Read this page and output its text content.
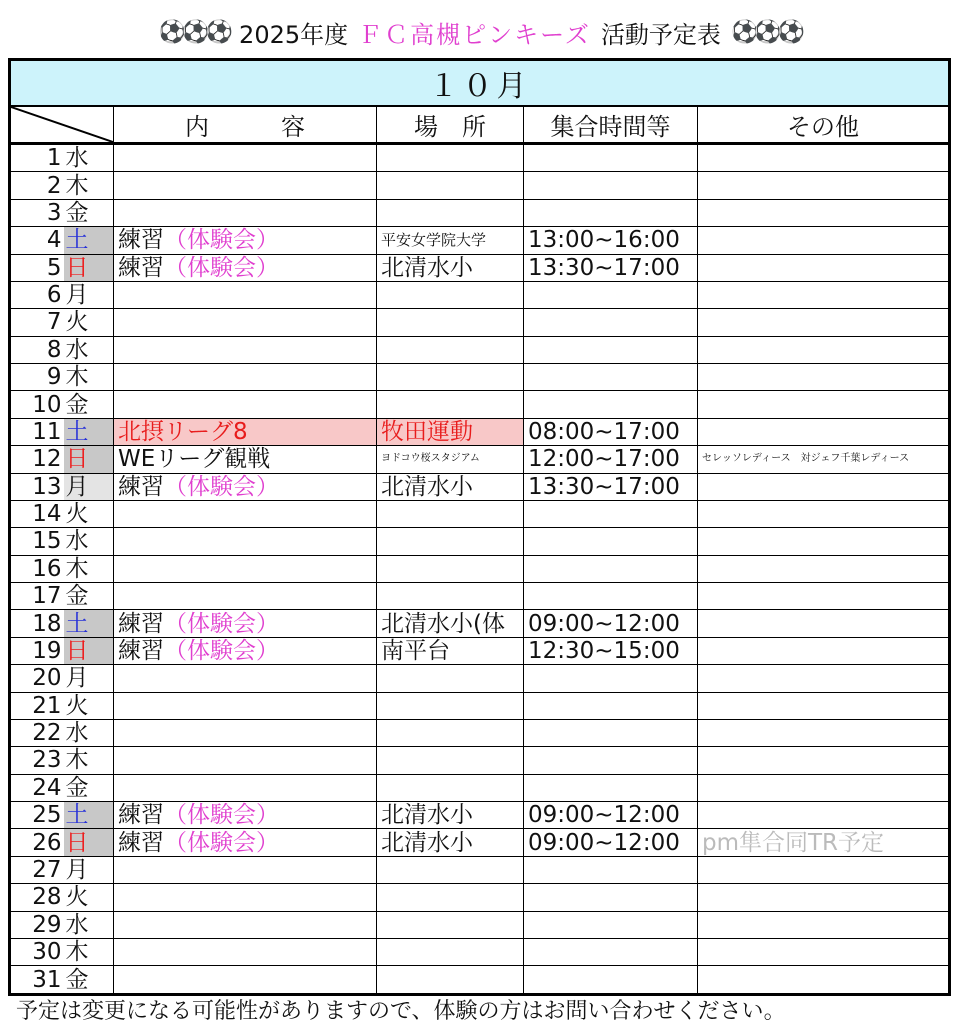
⚽⚽⚽ 2025年度 ＦＣ高槻ピンキーズ 活動予定表 ⚽⚽⚽
１０月					

	内　　　容	場　所	集合時間等	その他
1	水				
2	木				
3	金				
4	土	練習（体験会）	平安女学院大学	13:00~16:00	
5	日	練習（体験会）	北清水小	13:30~17:00	
6	月				
7	火				
8	水				
9	木				
10	金				
11	土	北摂リーグ8	牧田運動	08:00~17:00	
12	日	WEリーグ観戦	ヨドコウ桜スタジアム	12:00~17:00	セレッソレディース　対ジェフ千葉レディース
13	月	練習（体験会）	北清水小	13:30~17:00	
14	火				
15	水				
16	木				
17	金				
18	土	練習（体験会）	北清水小(体	09:00~12:00	
19	日	練習（体験会）	南平台	12:30~15:00	
20	月				
21	火				
22	水				
23	木				
24	金				
25	土	練習（体験会）	北清水小	09:00~12:00	
26	日	練習（体験会）	北清水小	09:00~12:00	pm隼合同TR予定
27	月				
28	火				
29	水				
30	木				
31	金				
予定は変更になる可能性がありますので、体験の方はお問い合わせください。
